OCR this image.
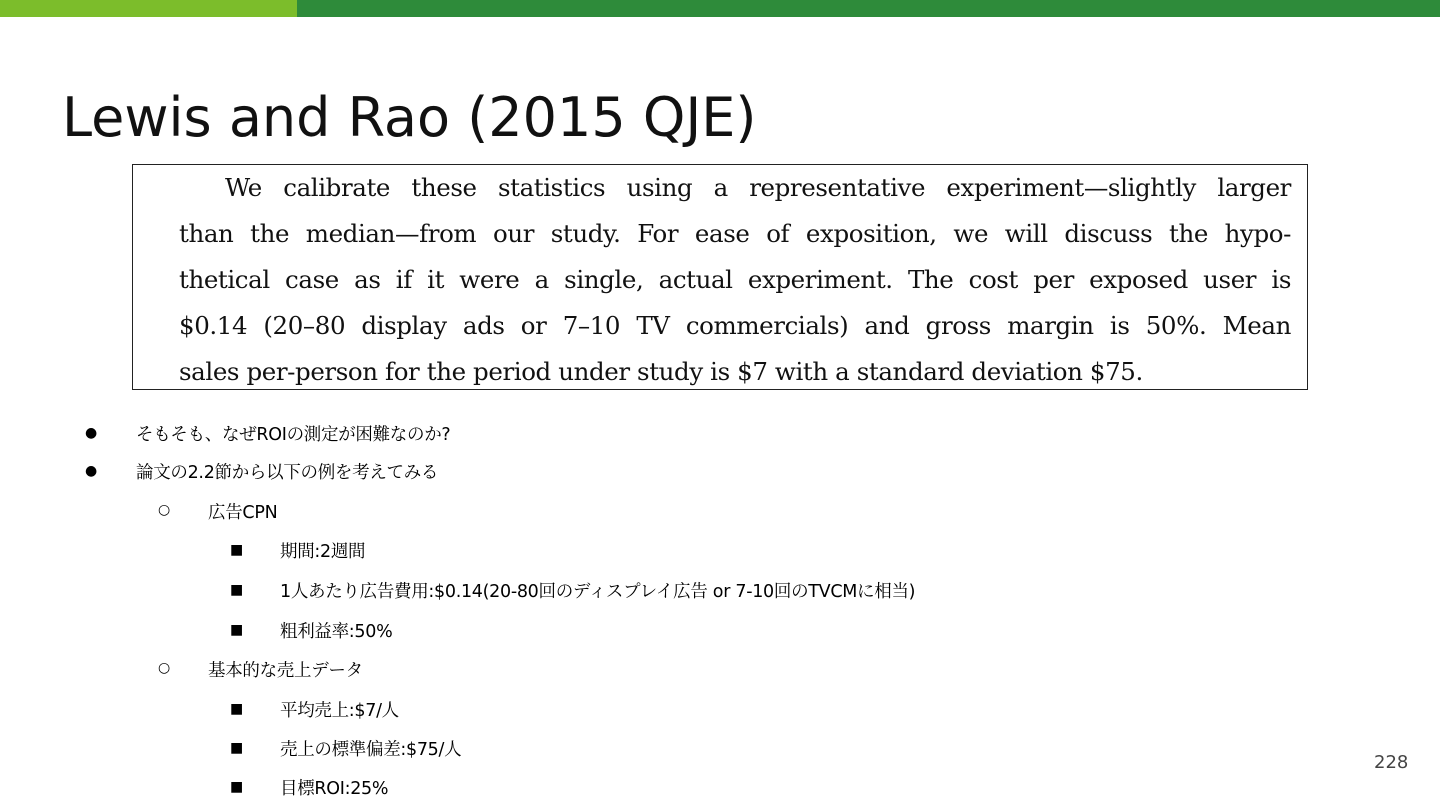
Lewis and Rao (2015 QJE)
We calibrate these statistics using a representative experiment—slightly larger
than the median—from our study. For ease of exposition, we will discuss the hypo-
thetical case as if it were a single, actual experiment. The cost per exposed user is
$0.14 (20–80 display ads or 7–10 TV commercials) and gross margin is 50%. Mean
sales per-person for the period under study is $7 with a standard deviation $75.
● そもそも、なぜROIの測定が困難なのか?
● 論文の2.2節から以下の例を考えてみる
○ 広告CPN
■ 期間:2週間
■ 1人あたり広告費用:$0.14(20-80回のディスプレイ広告 or 7-10回のTVCMに相当)
■ 粗利益率:50%
○ 基本的な売上データ
■ 平均売上:$7/人
■ 売上の標準偏差:$75/人
■ 目標ROI:25%
228
